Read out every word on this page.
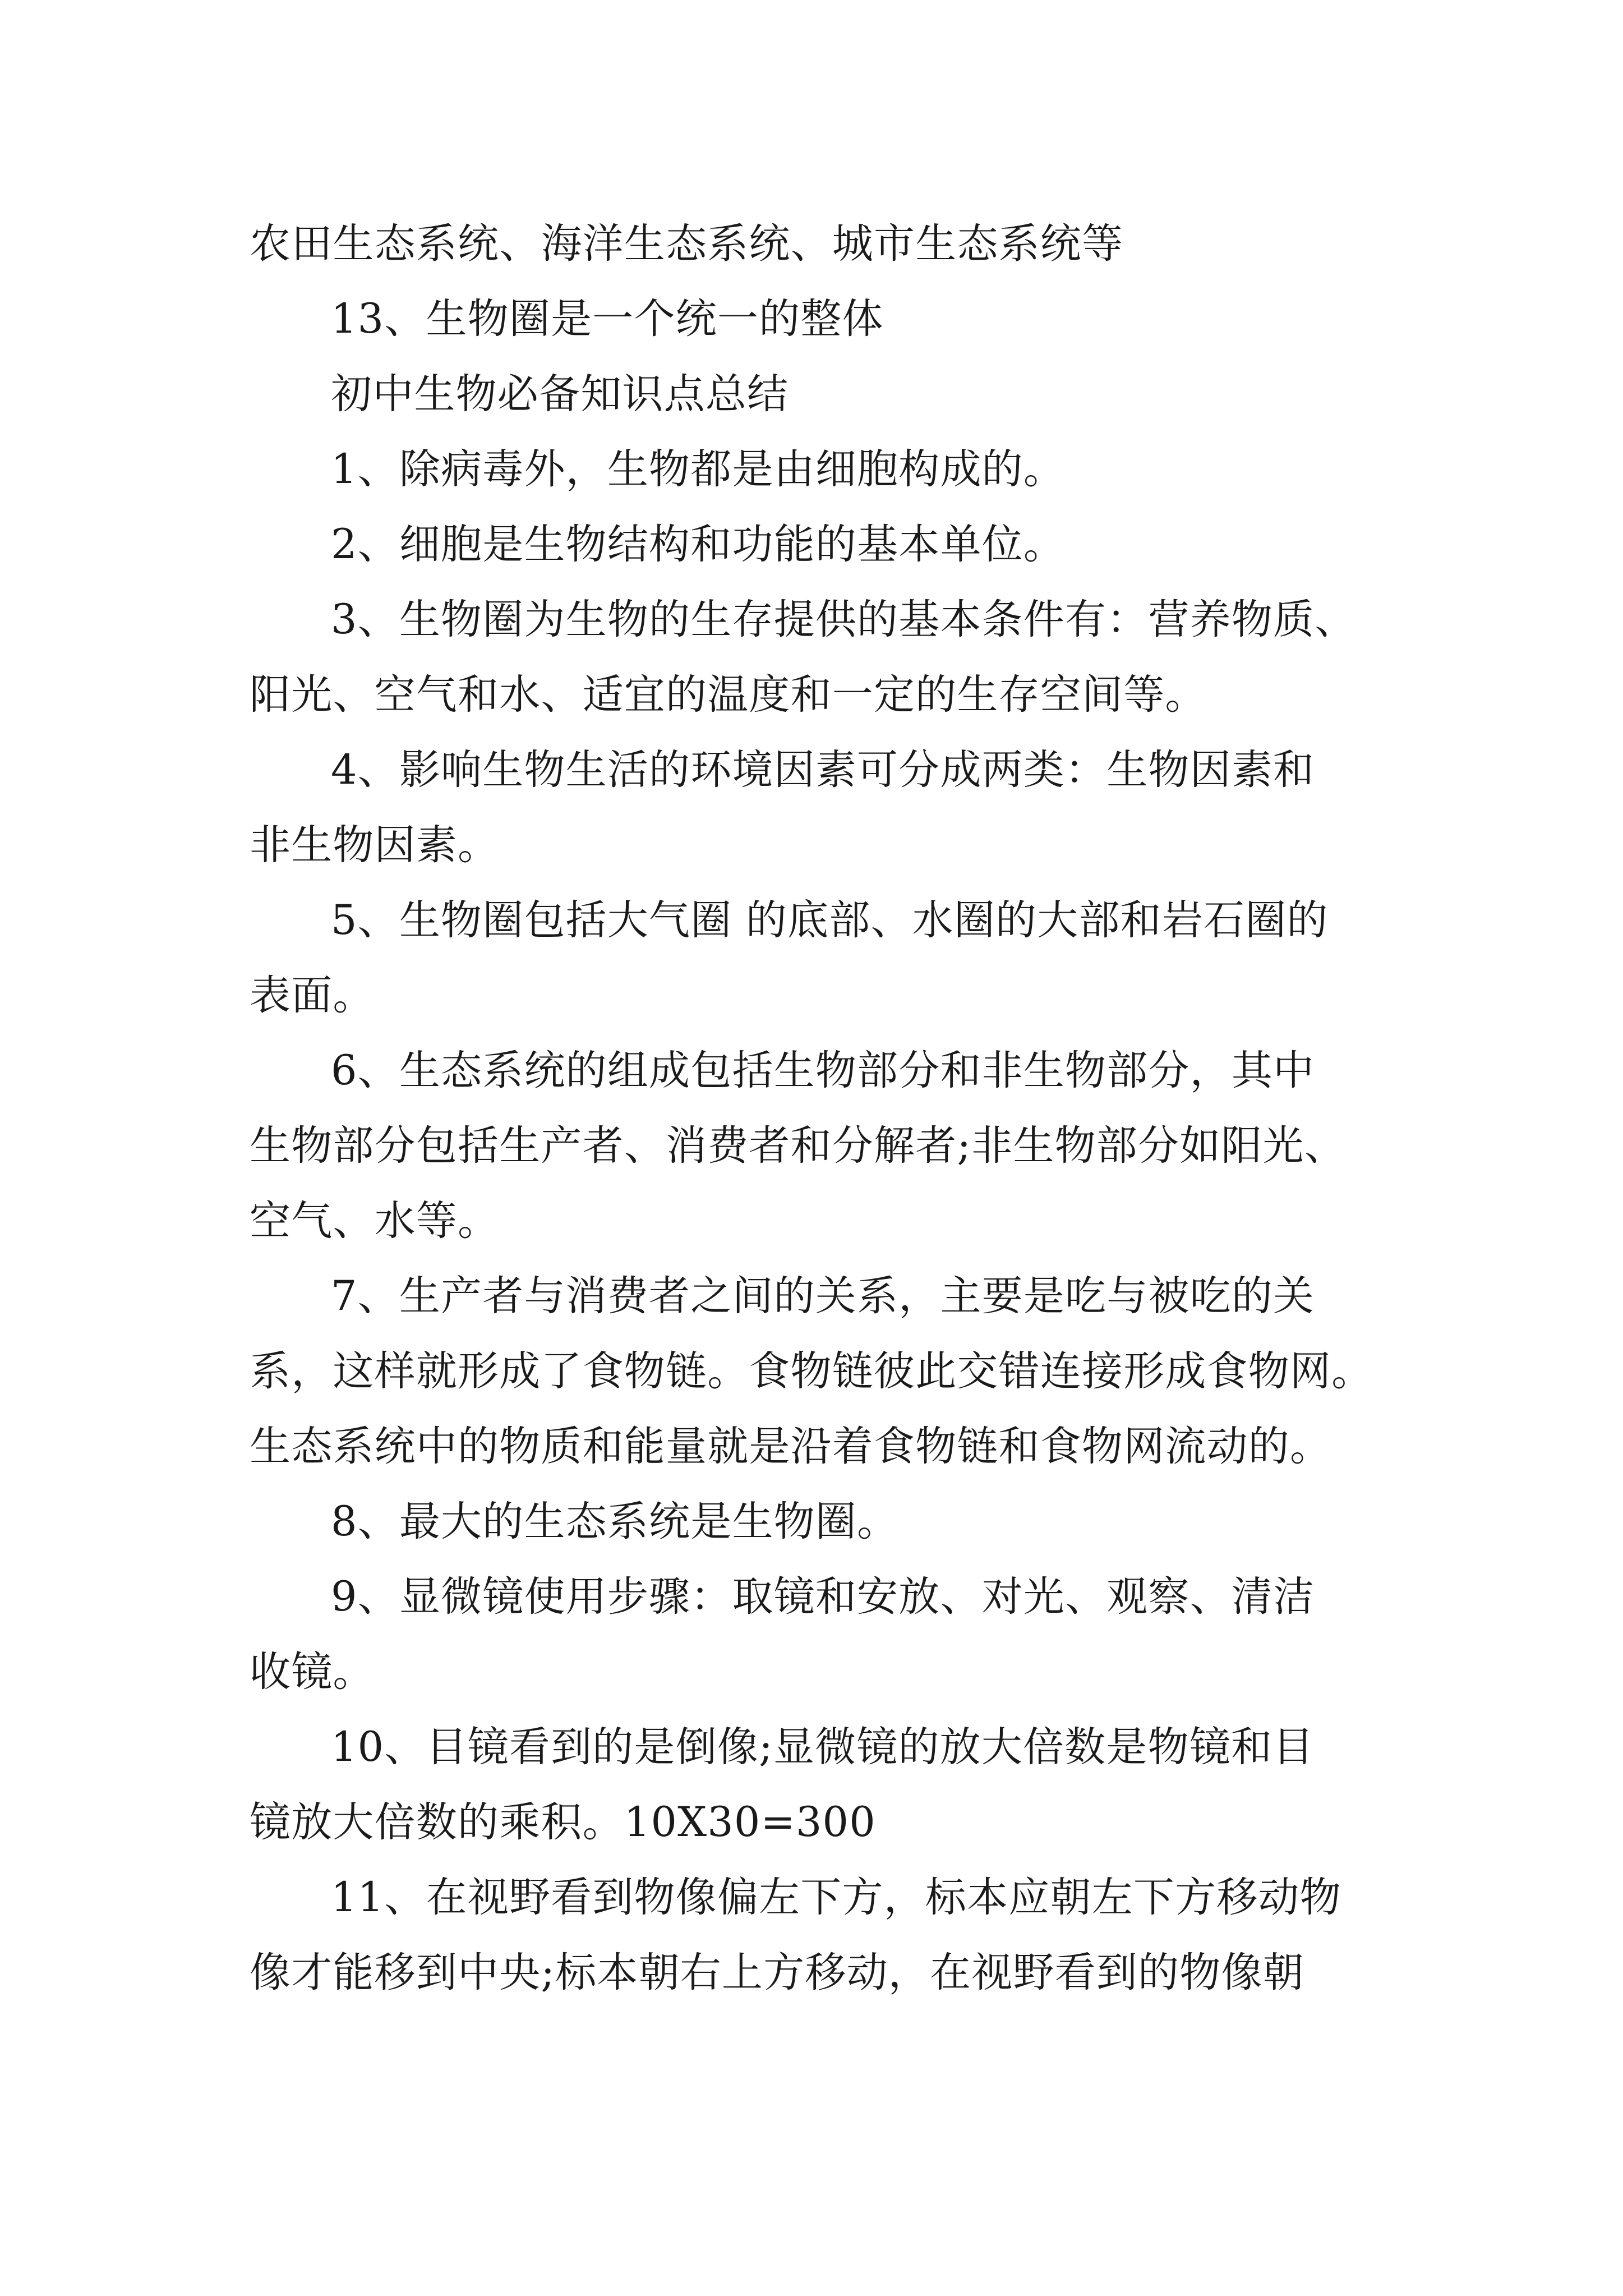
农田生态系统、海洋生态系统、城市生态系统等
13、生物圈是一个统一的整体
初中生物必备知识点总结
1、除病毒外，生物都是由细胞构成的。
2、细胞是生物结构和功能的基本单位。
3、生物圈为生物的生存提供的基本条件有：营养物质、
阳光、空气和水、适宜的温度和一定的生存空间等。
4、影响生物生活的环境因素可分成两类：生物因素和
非生物因素。
5、生物圈包括大气圈 的底部、水圈的大部和岩石圈的
表面。
6、生态系统的组成包括生物部分和非生物部分，其中
生物部分包括生产者、消费者和分解者;非生物部分如阳光、
空气、水等。
7、生产者与消费者之间的关系，主要是吃与被吃的关
系，这样就形成了食物链。食物链彼此交错连接形成食物网。
生态系统中的物质和能量就是沿着食物链和食物网流动的。
8、最大的生态系统是生物圈。
9、显微镜使用步骤：取镜和安放、对光、观察、清洁
收镜。
10、目镜看到的是倒像;显微镜的放大倍数是物镜和目
镜放大倍数的乘积。10X30=300
11、在视野看到物像偏左下方，标本应朝左下方移动物
像才能移到中央;标本朝右上方移动，在视野看到的物像朝
